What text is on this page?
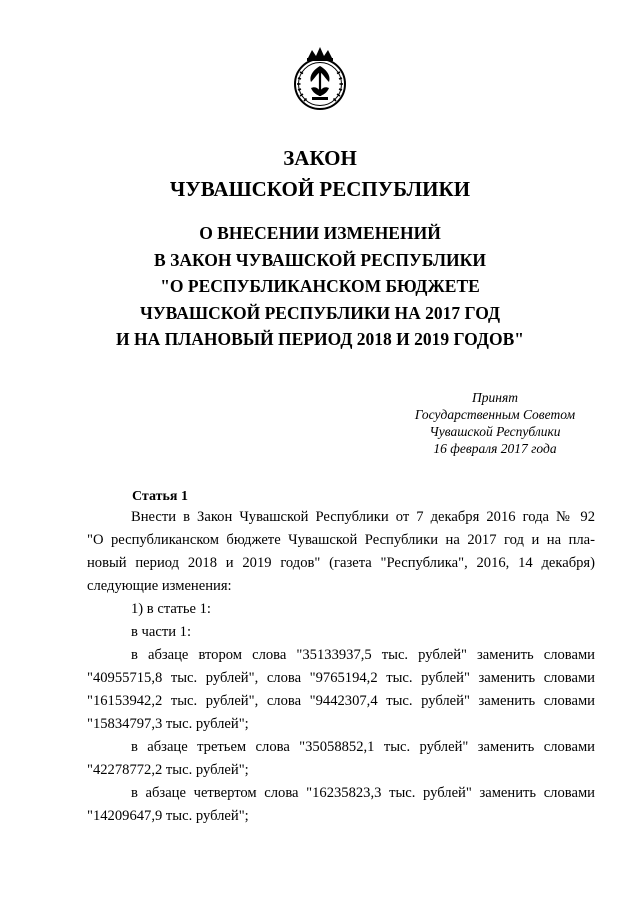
ЗАКОН
ЧУВАШСКОЙ РЕСПУБЛИКИ
О ВНЕСЕНИИ ИЗМЕНЕНИЙ
В ЗАКОН ЧУВАШСКОЙ РЕСПУБЛИКИ
"О РЕСПУБЛИКАНСКОМ БЮДЖЕТЕ
ЧУВАШСКОЙ РЕСПУБЛИКИ НА 2017 ГОД
И НА ПЛАНОВЫЙ ПЕРИОД 2018 И 2019 ГОДОВ"
Принят
Государственным Советом
Чувашской Республики
16 февраля 2017 года
Статья 1
Внести в Закон Чувашской Республики от 7 декабря 2016 года № 92
"О республиканском бюджете Чувашской Республики на 2017 год и на пла-
новый период 2018 и 2019 годов" (газета "Республика", 2016, 14 декабря)
следующие изменения:
1) в статье 1:
в части 1:
в абзаце втором слова "35133937,5 тыс. рублей" заменить словами
"40955715,8 тыс. рублей", слова "9765194,2 тыс. рублей" заменить словами
"16153942,2 тыс. рублей", слова "9442307,4 тыс. рублей" заменить словами
"15834797,3 тыс. рублей";
в абзаце третьем слова "35058852,1 тыс. рублей" заменить словами
"42278772,2 тыс. рублей";
в абзаце четвертом слова "16235823,3 тыс. рублей" заменить словами
"14209647,9 тыс. рублей";
